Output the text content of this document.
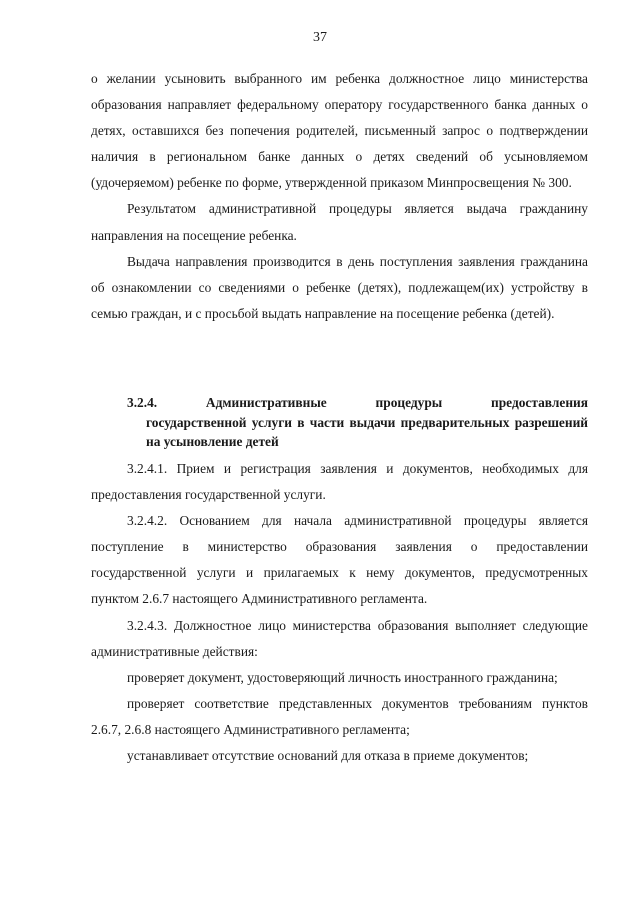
37

о желании усыновить выбранного им ребенка должностное лицо министерства образования направляет федеральному оператору государственного банка данных о детях, оставшихся без попечения родителей, письменный запрос о подтверждении наличия в региональном банке данных о детях сведений об усыновляемом (удочеряемом) ребенке по форме, утвержденной приказом Минпросвещения № 300.

Результатом административной процедуры является выдача гражданину направления на посещение ребенка.

Выдача направления производится в день поступления заявления гражданина об ознакомлении со сведениями о ребенке (детях), подлежащем(их) устройству в семью граждан, и с просьбой выдать направление на посещение ребенка (детей).

3.2.4. Административные процедуры предоставления
государственной услуги в части выдачи предварительных разрешений на усыновление детей

3.2.4.1. Прием и регистрация заявления и документов, необходимых для предоставления государственной услуги.

3.2.4.2. Основанием для начала административной процедуры является поступление в министерство образования заявления о предоставлении государственной услуги и прилагаемых к нему документов, предусмотренных пунктом 2.6.7 настоящего Административного регламента.

3.2.4.3. Должностное лицо министерства образования выполняет следующие административные действия:

проверяет документ, удостоверяющий личность иностранного гражданина;

проверяет соответствие представленных документов требованиям пунктов 2.6.7, 2.6.8 настоящего Административного регламента;

устанавливает отсутствие оснований для отказа в приеме документов;
